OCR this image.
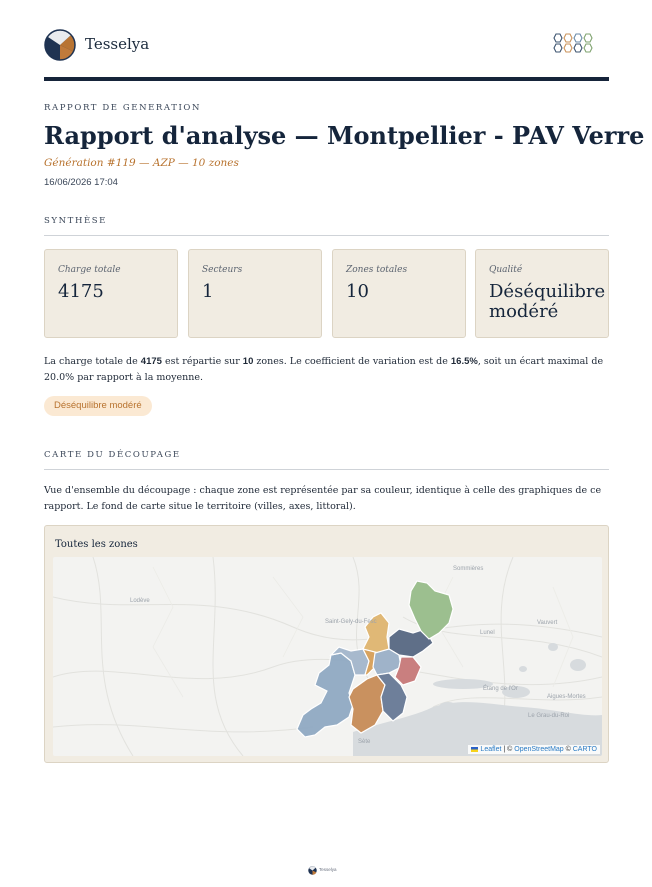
Tesselya
RAPPORT DE GENERATION
Rapport d'analyse — Montpellier - PAV Verre
Génération #119 — AZP — 10 zones
16/06/2026 17:04
SYNTHÈSE
Charge totale
4175
Secteurs
1
Zones totales
10
Qualité
Déséquilibre modéré

La charge totale de 4175 est répartie sur 10 zones. Le coefficient de variation est de 16.5%, soit un écart maximal de 20.0% par rapport à la moyenne.

Déséquilibre modéré
CARTE DU DÉCOUPAGE

Vue d'ensemble du découpage : chaque zone est représentée par sa couleur, identique à celle des graphiques de ce rapport. Le fond de carte situe le territoire (villes, axes, littoral).

Toutes les zones
Sommières
Lodève
Saint-Gely-du-Fesc
Lunel
Vauvert
Étang de l'Or
Aigues-Mortes
Le Grau-du-Roi
Sète
Leaflet | © OpenStreetMap © CARTO
Tesselya
